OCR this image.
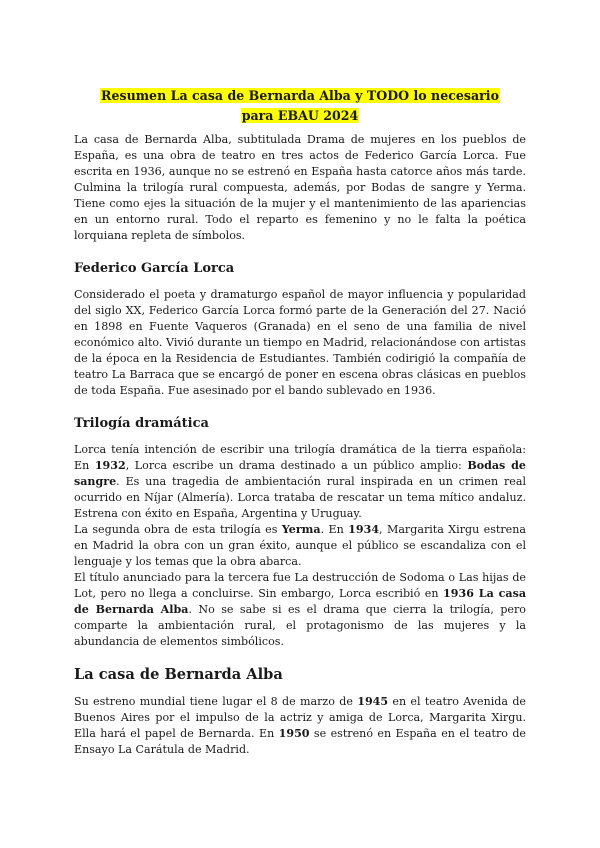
Resumen La casa de Bernarda Alba y TODO lo necesario
para EBAU 2024

La casa de Bernarda Alba, subtitulada Drama de mujeres en los pueblos de España, es una obra de teatro en tres actos de Federico García Lorca. Fue escrita en 1936, aunque no se estrenó en España hasta catorce años más tarde. Culmina la trilogía rural compuesta, además, por Bodas de sangre y Yerma. Tiene como ejes la situación de la mujer y el mantenimiento de las apariencias en un entorno rural. Todo el reparto es femenino y no le falta la poética lorquiana repleta de símbolos.

Federico García Lorca

Considerado el poeta y dramaturgo español de mayor influencia y popularidad del siglo XX, Federico García Lorca formó parte de la Generación del 27. Nació en 1898 en Fuente Vaqueros (Granada) en el seno de una familia de nivel económico alto. Vivió durante un tiempo en Madrid, relacionándose con artistas de la época en la Residencia de Estudiantes. También codirigió la compañía de teatro La Barraca que se encargó de poner en escena obras clásicas en pueblos de toda España. Fue asesinado por el bando sublevado en 1936.

Trilogía dramática

Lorca tenía intención de escribir una trilogía dramática de la tierra española: En 1932, Lorca escribe un drama destinado a un público amplio: Bodas de sangre. Es una tragedia de ambientación rural inspirada en un crimen real ocurrido en Níjar (Almería). Lorca trataba de rescatar un tema mítico andaluz. Estrena con éxito en España, Argentina y Uruguay.

La segunda obra de esta trilogía es Yerma. En 1934, Margarita Xirgu estrena en Madrid la obra con un gran éxito, aunque el público se escandaliza con el lenguaje y los temas que la obra abarca.

El título anunciado para la tercera fue La destrucción de Sodoma o Las hijas de Lot, pero no llega a concluirse. Sin embargo, Lorca escribió en 1936 La casa de Bernarda Alba. No se sabe si es el drama que cierra la trilogía, pero comparte la ambientación rural, el protagonismo de las mujeres y la abundancia de elementos simbólicos.

La casa de Bernarda Alba

Su estreno mundial tiene lugar el 8 de marzo de 1945 en el teatro Avenida de Buenos Aires por el impulso de la actriz y amiga de Lorca, Margarita Xirgu. Ella hará el papel de Bernarda. En 1950 se estrenó en España en el teatro de Ensayo La Carátula de Madrid.
